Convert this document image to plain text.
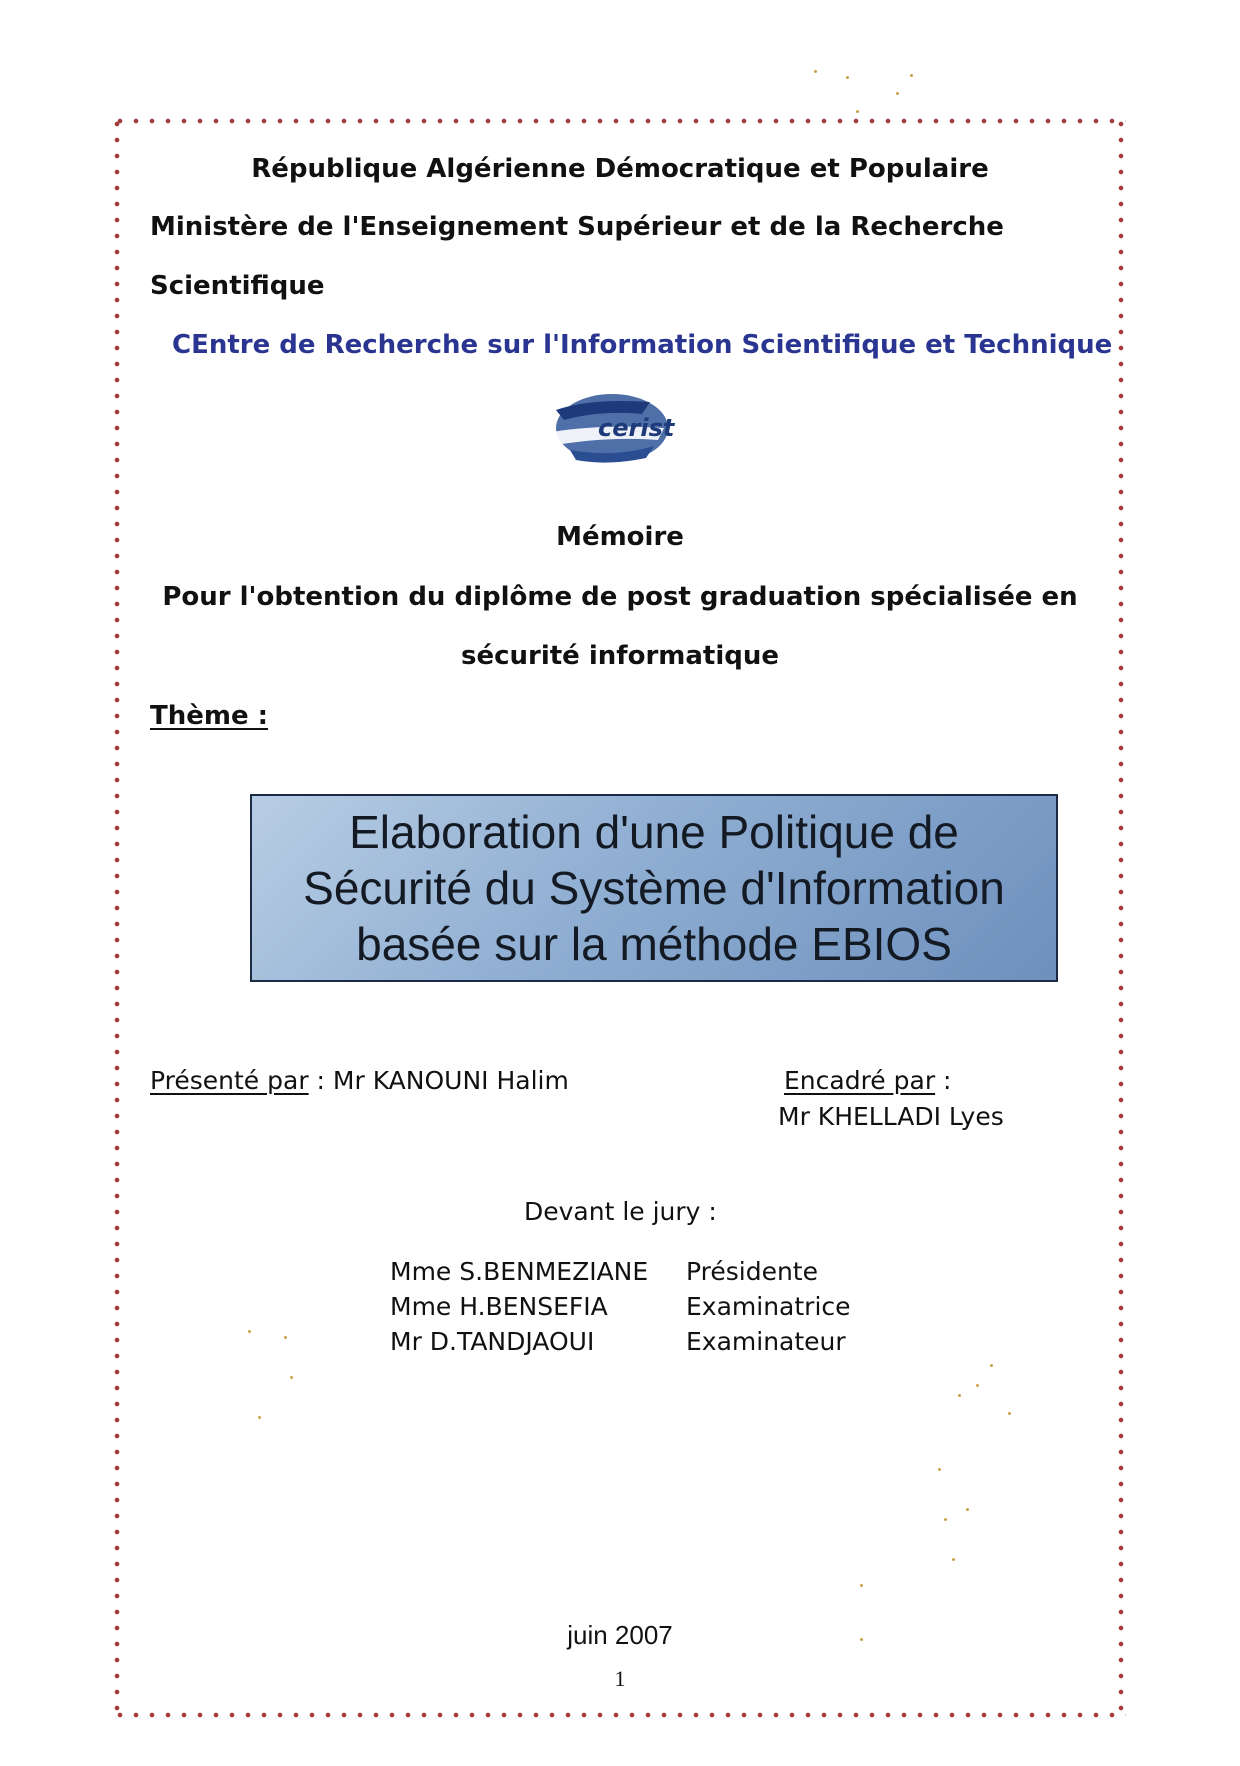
République Algérienne Démocratique et Populaire
Ministère de l'Enseignement Supérieur et de la Recherche
Scientifique
CEntre de Recherche sur l'Information Scientifique et Technique
cerist
Mémoire
Pour l'obtention du diplôme de post graduation spécialisée en
sécurité informatique
Thème :
Elaboration d'une Politique de
Sécurité du Système d'Information
basée sur la méthode EBIOS
Présenté par : Mr KANOUNI Halim	Encadré par :
Mr KHELLADI Lyes
Devant le jury :
Mme S.BENMEZIANE Présidente
Mme H.BENSEFIA	Examinatrice
Mr D.TANDJAOUI	Examinateur
juin 2007
1
